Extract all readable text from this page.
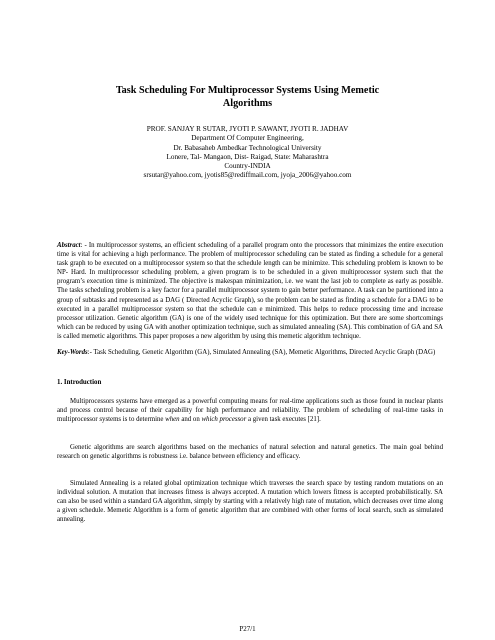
Task Scheduling For Multiprocessor Systems Using Memetic
Algorithms
PROF. SANJAY R SUTAR, JYOTI P. SAWANT, JYOTI R. JADHAV
Department Of Computer Engineering,
Dr. Babasaheb Ambedkar Technological University
Lonere, Tal- Mangaon, Dist- Raigad, State: Maharashtra
Country-INDIA
srsutar@yahoo.com, jyotis85@rediffmail.com, jyoja_2006@yahoo.com

Abstract: - In multiprocessor systems, an efficient scheduling of a parallel program onto the processors that minimizes the entire execution time is vital for achieving a high performance. The problem of multiprocessor scheduling can be stated as finding a schedule for a general task graph to be executed on a multiprocessor system so that the schedule length can be minimize. This scheduling problem is known to be NP- Hard. In multiprocessor scheduling problem, a given program is to be scheduled in a given multiprocessor system such that the program’s execution time is minimized. The objective is makespan minimization, i.e. we want the last job to complete as early as possible. The tasks scheduling problem is a key factor for a parallel multiprocessor system to gain better performance. A task can be partitioned into a group of subtasks and represented as a DAG ( Directed Acyclic Graph), so the problem can be stated as finding a schedule for a DAG to be executed in a parallel multiprocessor system so that the schedule can e minimized. This helps to reduce processing time and increase processor utilization. Genetic algorithm (GA) is one of the widely used technique for this optimization. But there are some shortcomings which can be reduced by using GA with another optimization technique, such as simulated annealing (SA). This combination of GA and SA is called memetic algorithms. This paper proposes a new algorithm by using this memetic algorithm technique.

Key-Words:- Task Scheduling, Genetic Algorithm (GA), Simulated Annealing (SA), Memetic Algorithms, Directed Acyclic Graph (DAG)

1. Introduction

Multiprocessors systems have emerged as a powerful computing means for real-time applications such as those found in nuclear plants and process control because of their capability for high performance and reliability. The problem of scheduling of real-time tasks in multiprocessor systems is to determine when and on which processor a given task executes [21].

Genetic algorithms are search algorithms based on the mechanics of natural selection and natural genetics. The main goal behind research on genetic algorithms is robustness i.e. balance between efficiency and efficacy.

Simulated Annealing is a related global optimization technique which traverses the search space by testing random mutations on an individual solution. A mutation that increases fitness is always accepted. A mutation which lowers fitness is accepted probabilistically. SA can also be used within a standard GA algorithm, simply by starting with a relatively high rate of mutation, which decreases over time along a given schedule. Memetic Algorithm is a form of genetic algorithm that are combined with other forms of local search, such as simulated annealing.

P27/1
